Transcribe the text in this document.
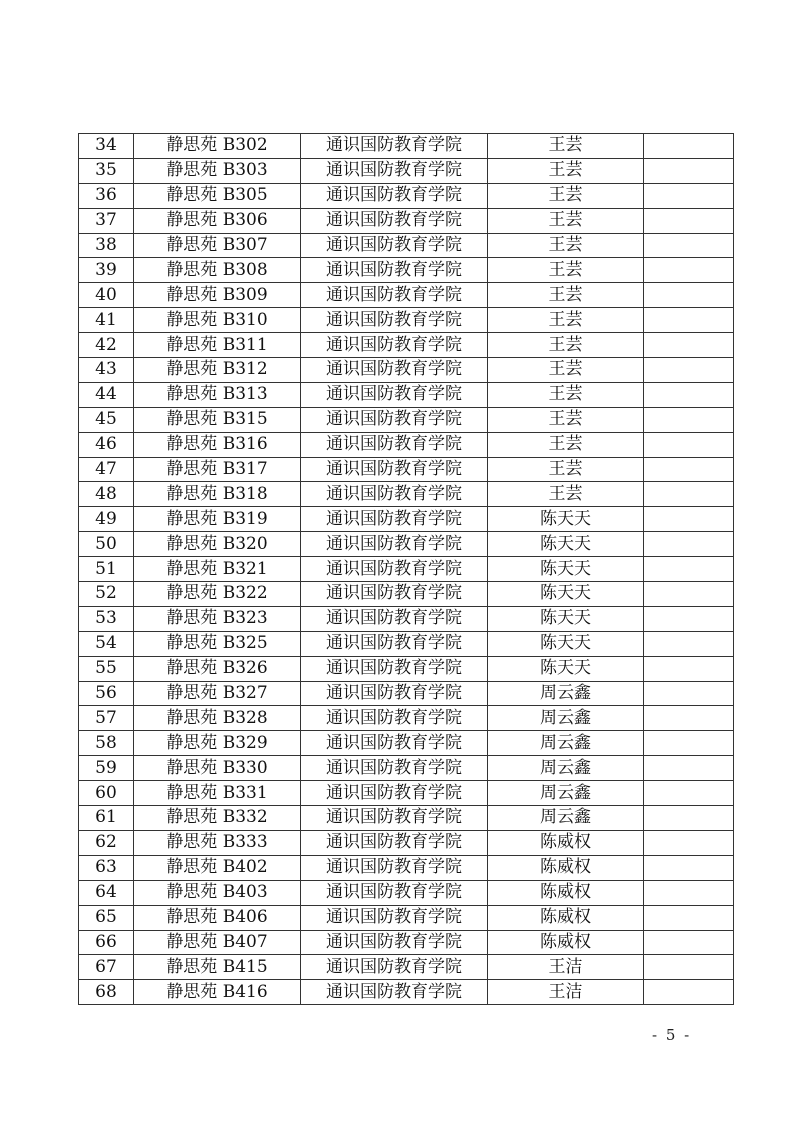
34	静思苑 B302	通识国防教育学院	王芸	
35	静思苑 B303	通识国防教育学院	王芸	
36	静思苑 B305	通识国防教育学院	王芸	
37	静思苑 B306	通识国防教育学院	王芸	
38	静思苑 B307	通识国防教育学院	王芸	
39	静思苑 B308	通识国防教育学院	王芸	
40	静思苑 B309	通识国防教育学院	王芸	
41	静思苑 B310	通识国防教育学院	王芸	
42	静思苑 B311	通识国防教育学院	王芸	
43	静思苑 B312	通识国防教育学院	王芸	
44	静思苑 B313	通识国防教育学院	王芸	
45	静思苑 B315	通识国防教育学院	王芸	
46	静思苑 B316	通识国防教育学院	王芸	
47	静思苑 B317	通识国防教育学院	王芸	
48	静思苑 B318	通识国防教育学院	王芸	
49	静思苑 B319	通识国防教育学院	陈天天	
50	静思苑 B320	通识国防教育学院	陈天天	
51	静思苑 B321	通识国防教育学院	陈天天	
52	静思苑 B322	通识国防教育学院	陈天天	
53	静思苑 B323	通识国防教育学院	陈天天	
54	静思苑 B325	通识国防教育学院	陈天天	
55	静思苑 B326	通识国防教育学院	陈天天	
56	静思苑 B327	通识国防教育学院	周云鑫	
57	静思苑 B328	通识国防教育学院	周云鑫	
58	静思苑 B329	通识国防教育学院	周云鑫	
59	静思苑 B330	通识国防教育学院	周云鑫	
60	静思苑 B331	通识国防教育学院	周云鑫	
61	静思苑 B332	通识国防教育学院	周云鑫	
62	静思苑 B333	通识国防教育学院	陈威权	
63	静思苑 B402	通识国防教育学院	陈威权	
64	静思苑 B403	通识国防教育学院	陈威权	
65	静思苑 B406	通识国防教育学院	陈威权	
66	静思苑 B407	通识国防教育学院	陈威权	
67	静思苑 B415	通识国防教育学院	王洁	
68	静思苑 B416	通识国防教育学院	王洁	
- 5 -
